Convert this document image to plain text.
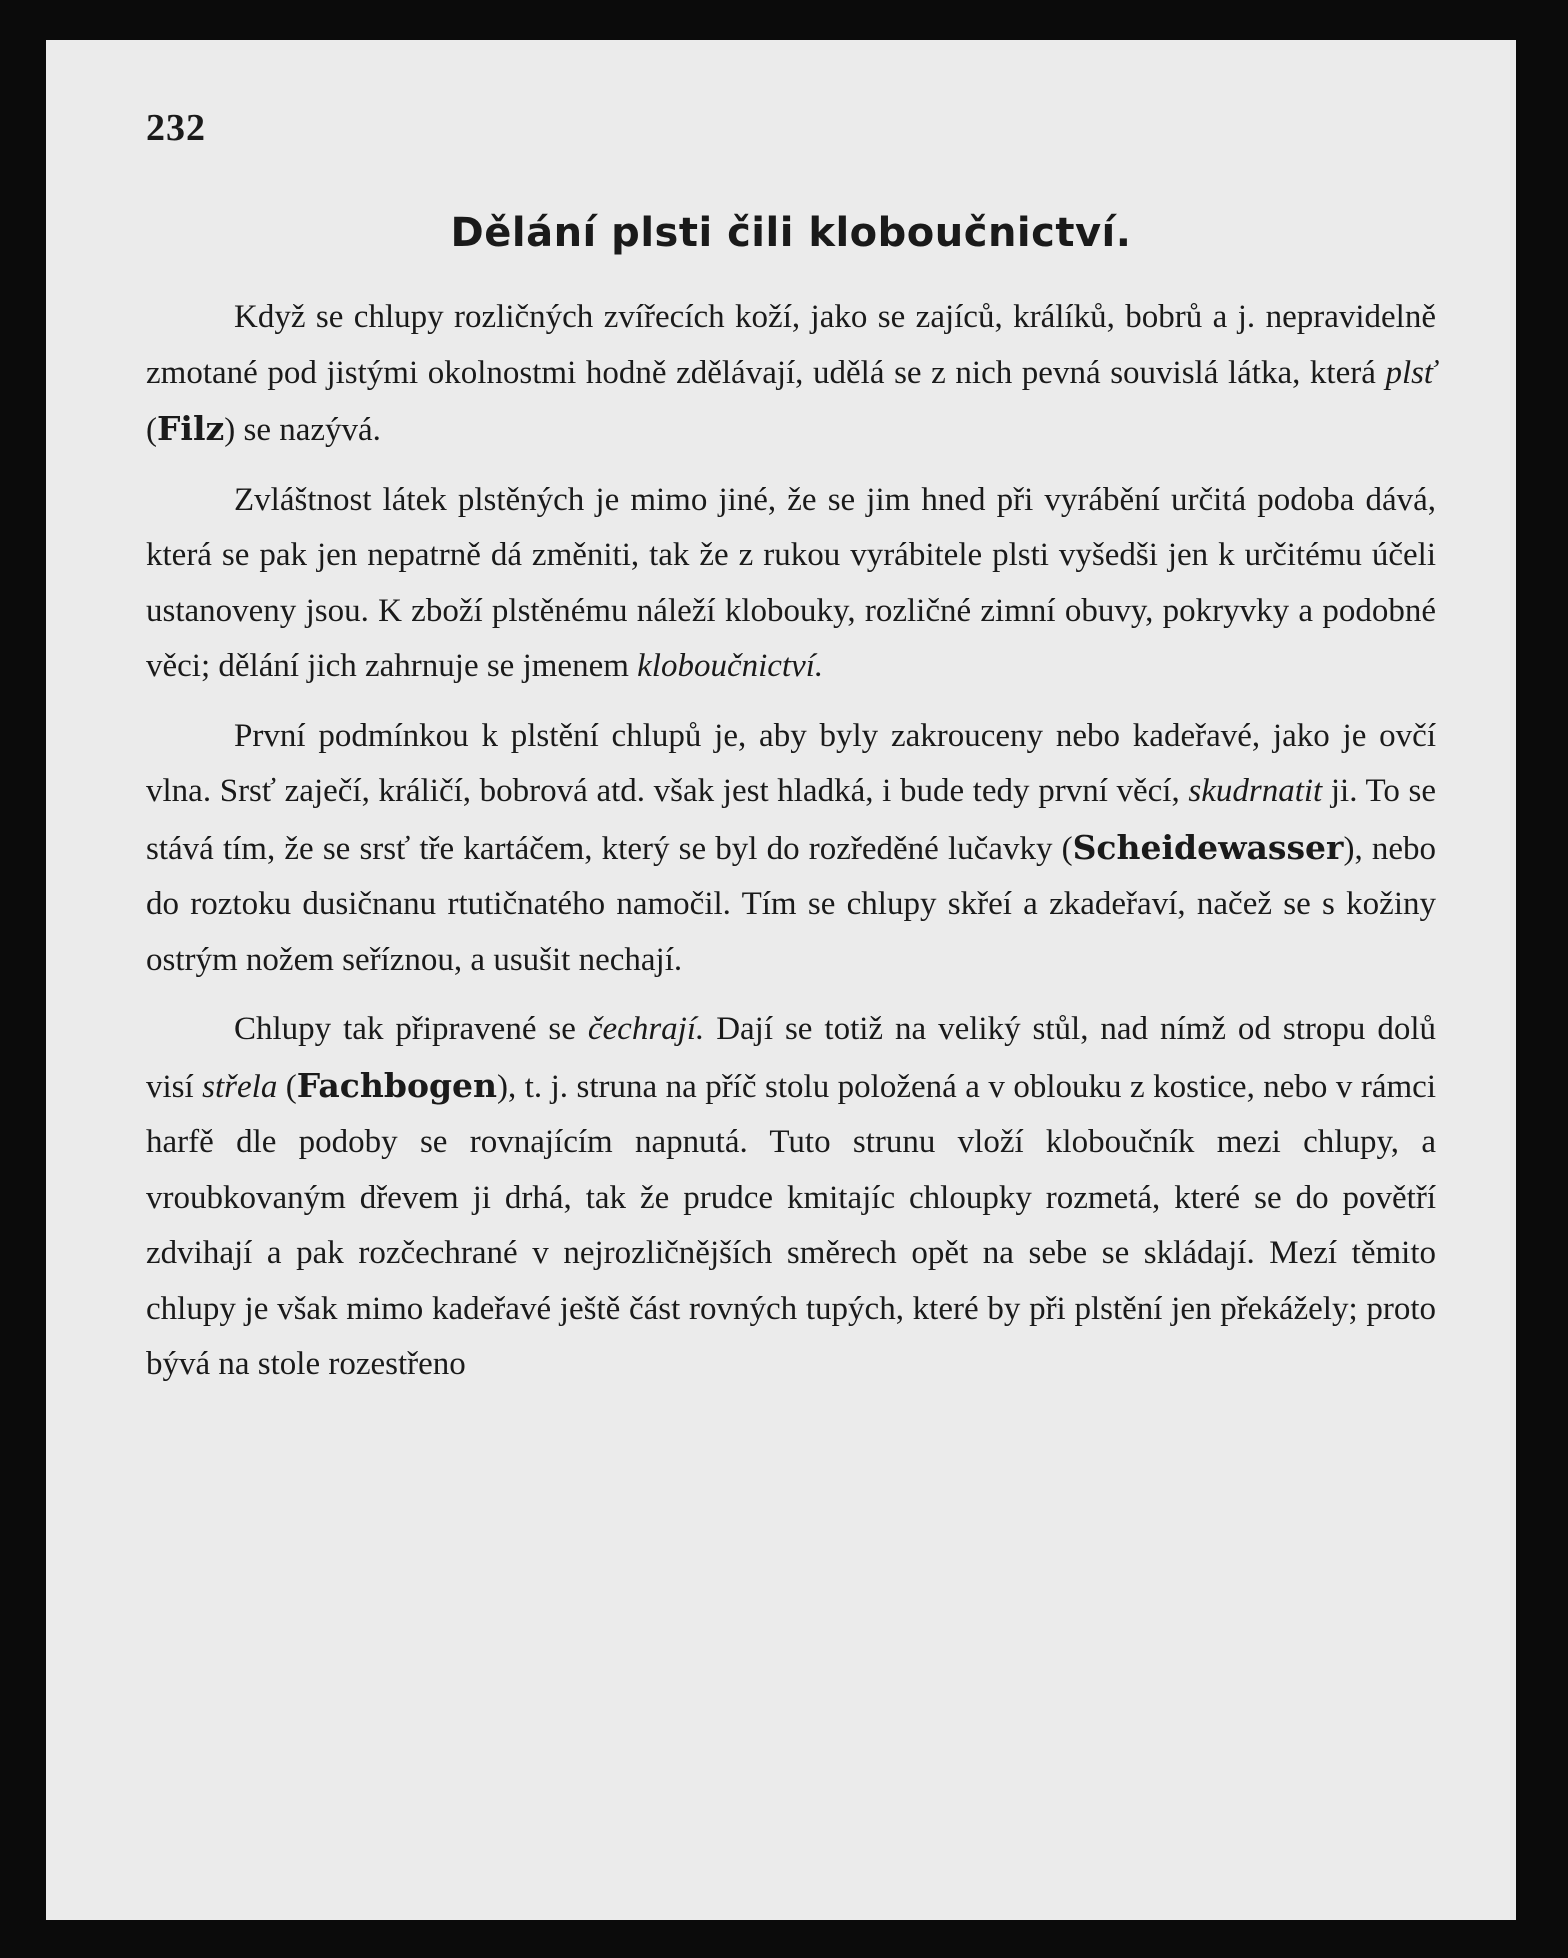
232
Dělání plsti čili kloboučnictví.

Když se chlupy rozličných zvířecích koží, jako se zajíců, králíků, bobrů a j. nepravidelně zmotané pod jistými okolnostmi hodně zdělávají, udělá se z nich pevná souvislá látka, která plsť (Filz) se nazývá.

Zvláštnost látek plstěných je mimo jiné, že se jim hned při vyrábění určitá podoba dává, která se pak jen nepatrně dá změniti, tak že z rukou vyrábitele plsti vyšedši jen k určitému účeli ustanoveny jsou. K zboží plstěnému náleží klobouky, rozličné zimní obuvy, pokryvky a podobné věci; dělání jich zahrnuje se jmenem kloboučnictví.

První podmínkou k plstění chlupů je, aby byly zakrouceny nebo kadeřavé, jako je ovčí vlna. Srsť zaječí, králičí, bobrová atd. však jest hladká, i bude tedy první věcí, skudrnatit ji. To se stává tím, že se srsť tře kartáčem, který se byl do rozředěné lučavky (Scheidewasser), nebo do roztoku dusičnanu rtutičnatého namočil. Tím se chlupy skřeí a zkadeřaví, načež se s kožiny ostrým nožem seříznou, a usušit nechají.

Chlupy tak připravené se čechrají. Dají se totiž na veliký stůl, nad nímž od stropu dolů visí střela (Fachbogen), t. j. struna na příč stolu položená a v oblouku z kostice, nebo v rámci harfě dle podoby se rovnajícím napnutá. Tuto strunu vloží kloboučník mezi chlupy, a vroubkovaným dřevem ji drhá, tak že prudce kmitajíc chloupky rozmetá, které se do povětří zdvihají a pak rozčechrané v nejrozličnějších směrech opět na sebe se skládají. Mezí těmito chlupy je však mimo kadeřavé ještě část rovných tupých, které by při plstění jen překážely; proto bývá na stole rozestřeno
